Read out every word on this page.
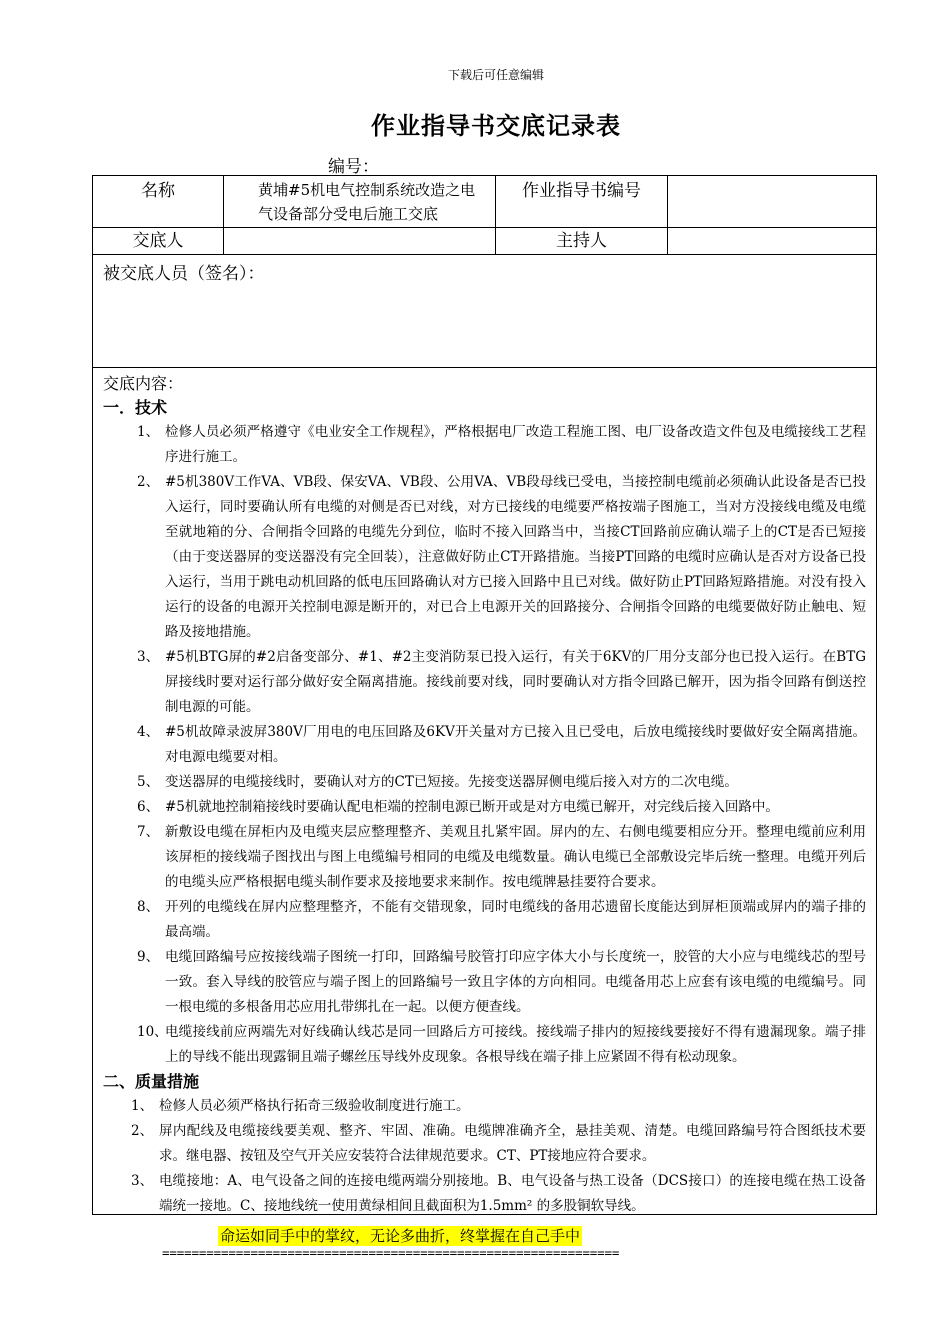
下载后可任意编辑
作业指导书交底记录表
编号：
名称	黄埔#5机电气控制系统改造之电气设备部分受电后施工交底
作业指导书编号
交底人	主持人
被交底人员（签名）：
交底内容：
一．技术
1、 检修人员必须严格遵守《电业安全工作规程》，严格根据电厂改造工程施工图、电厂设备改造文件包及电缆接线工艺程序进行施工。
2、 #5机380V工作VA、VB段、保安VA、VB段、公用VA、VB段母线已受电，当接控制电缆前必须确认此设备是否已投入运行，同时要确认所有电缆的对侧是否已对线，对方已接线的电缆要严格按端子图施工，当对方没接线电缆及电缆至就地箱的分、合闸指令回路的电缆先分到位，临时不接入回路当中，当接CT回路前应确认端子上的CT是否已短接（由于变送器屏的变送器没有完全回装），注意做好防止CT开路措施。当接PT回路的电缆时应确认是否对方设备已投入运行，当用于跳电动机回路的低电压回路确认对方已接入回路中且已对线。做好防止PT回路短路措施。对没有投入运行的设备的电源开关控制电源是断开的，对已合上电源开关的回路接分、合闸指令回路的电缆要做好防止触电、短路及接地措施。
3、 #5机BTG屏的#2启备变部分、#1、#2主变消防泵已投入运行，有关于6KV的厂用分支部分也已投入运行。在BTG屏接线时要对运行部分做好安全隔离措施。接线前要对线，同时要确认对方指令回路已解开，因为指令回路有倒送控制电源的可能。
4、 #5机故障录波屏380V厂用电的电压回路及6KV开关量对方已接入且已受电，后放电缆接线时要做好安全隔离措施。对电源电缆要对相。
5、 变送器屏的电缆接线时，要确认对方的CT已短接。先接变送器屏侧电缆后接入对方的二次电缆。
6、 #5机就地控制箱接线时要确认配电柜端的控制电源已断开或是对方电缆已解开，对完线后接入回路中。
7、 新敷设电缆在屏柜内及电缆夹层应整理整齐、美观且扎紧牢固。屏内的左、右侧电缆要相应分开。整理电缆前应利用该屏柜的接线端子图找出与图上电缆编号相同的电缆及电缆数量。确认电缆已全部敷设完毕后统一整理。电缆开列后的电缆头应严格根据电缆头制作要求及接地要求来制作。按电缆牌悬挂要符合要求。
8、 开列的电缆线在屏内应整理整齐，不能有交错现象，同时电缆线的备用芯遗留长度能达到屏柜顶端或屏内的端子排的最高端。
9、 电缆回路编号应按接线端子图统一打印，回路编号胶管打印应字体大小与长度统一，胶管的大小应与电缆线芯的型号一致。套入导线的胶管应与端子图上的回路编号一致且字体的方向相同。电缆备用芯上应套有该电缆的电缆编号。同一根电缆的多根备用芯应用扎带绑扎在一起。以便方便查线。
10、
电缆接线前应两端先对好线确认线芯是同一回路后方可接线。接线端子排内的短接线要接好不得有遗漏现象。端子排上的导线不能出现露铜且端子螺丝压导线外皮现象。各根导线在端子排上应紧固不得有松动现象。
二、质量措施
1、 检修人员必须严格执行拓奇三级验收制度进行施工。
2、 屏内配线及电缆接线要美观、整齐、牢固、准确。电缆牌准确齐全，悬挂美观、清楚。电缆回路编号符合图纸技术要求。继电器、按钮及空气开关应安装符合法律规范要求。CT、PT接地应符合要求。
3、 电缆接地：A、电气设备之间的连接电缆两端分别接地。B、电气设备与热工设备（DCS接口）的连接电缆在热工设备端统一接地。C、接地线统一使用黄绿相间且截面积为1.5mm² 的多股铜软导线。
命运如同手中的掌纹，无论多曲折，终掌握在自己手中
==============================================================
